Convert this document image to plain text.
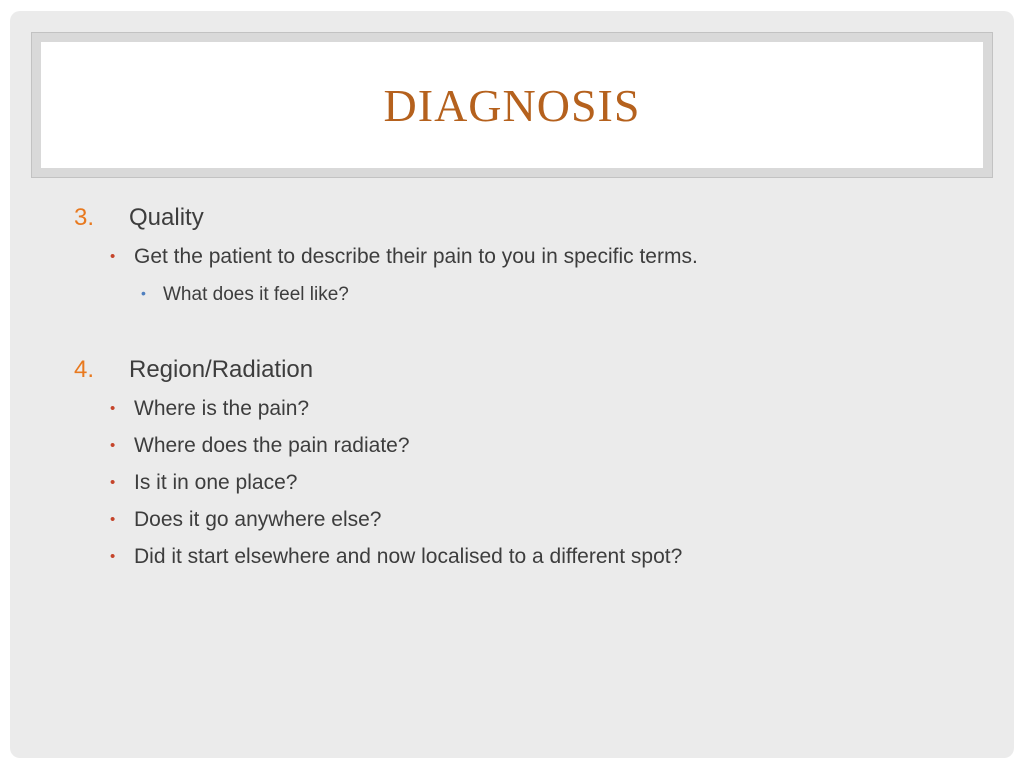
DIAGNOSIS
3. Quality
• Get the patient to describe their pain to you in specific terms.
• What does it feel like?
4. Region/Radiation
• Where is the pain?
• Where does the pain radiate?
• Is it in one place?
• Does it go anywhere else?
• Did it start elsewhere and now localised to a different spot?
